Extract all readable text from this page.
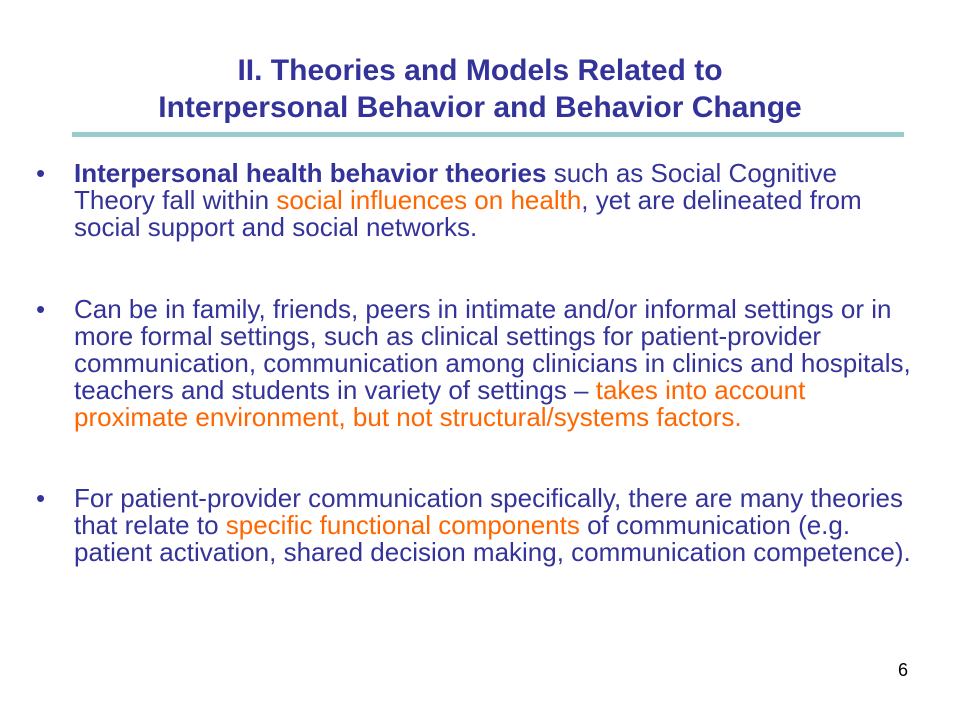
II. Theories and Models Related to
Interpersonal Behavior and Behavior Change
• Interpersonal health behavior theories such as Social Cognitive Theory fall within social influences on health, yet are delineated from social support and social networks.
• Can be in family, friends, peers in intimate and/or informal settings or in more formal settings, such as clinical settings for patient-provider communication, communication among clinicians in clinics and hospitals, teachers and students in variety of settings – takes into account proximate environment, but not structural/systems factors.
• For patient-provider communication specifically, there are many theories that relate to specific functional components of communication (e.g. patient activation, shared decision making, communication competence).
6
